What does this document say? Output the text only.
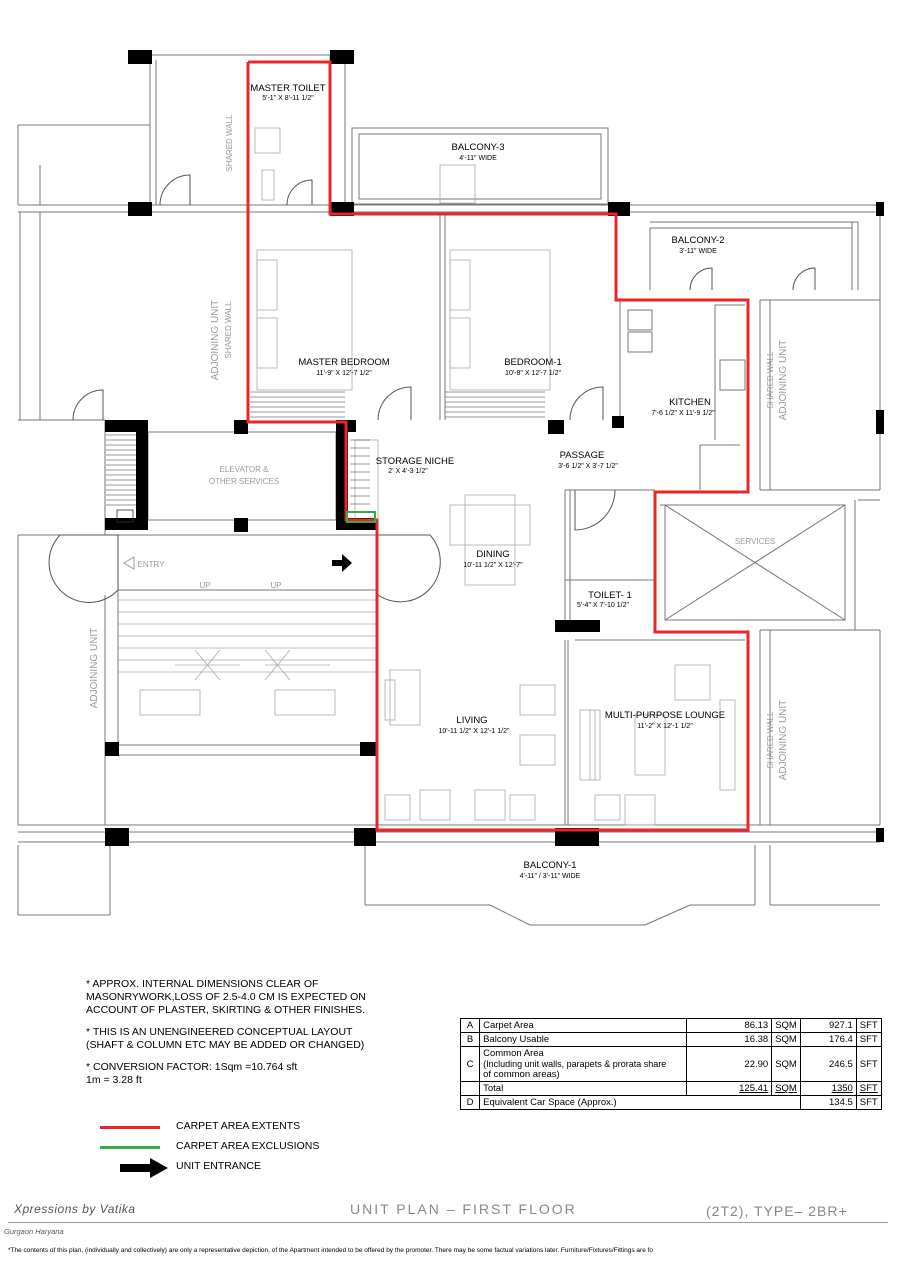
MASTER TOILET
5'-1" X 8'-11 1/2"
BALCONY-3
4'-11" WIDE
BALCONY-2
3'-11" WIDE
MASTER BEDROOM
11'-9" X 12'-7 1/2"
BEDROOM-1
10'-8" X 12'-7 1/2"
KITCHEN
7'-6 1/2" X 11'-9 1/2"
STORAGE NICHE
2' X 4'-3 1/2"
PASSAGE
3'-6 1/2" X 3'-7 1/2"
DINING
10'-11 1/2" X 12'-7"
TOILET- 1
5'-4" X 7'-10 1/2"
LIVING
10'-11 1/2" X 12'-1 1/2"
MULTI-PURPOSE LOUNGE
11'-2" X 12'-1 1/2"
BALCONY-1
4'-11" / 3'-11" WIDE
SHARED WALL
ADJOINING UNIT SHARED WALL
SHARED WALL ADJOINING UNIT
SHARED WALL ADJOINING UNIT
ADJOINING UNIT
ELEVATOR &
OTHER SERVICES
ENTRY
UP	UP
SERVICES

* APPROX. INTERNAL DIMENSIONS CLEAR OF
MASONRYWORK,LOSS OF 2.5-4.0 CM IS EXPECTED ON
ACCOUNT OF PLASTER, SKIRTING & OTHER FINISHES.

* THIS IS AN UNENGINEERED CONCEPTUAL LAYOUT
(SHAFT & COLUMN ETC MAY BE ADDED OR CHANGED)

* CONVERSION FACTOR: 1Sqm =10.764 sft
1m = 3.28 ft

CARPET AREA EXTENTS
CARPET AREA EXCLUSIONS
UNIT ENTRANCE
A	Carpet Area	86.13	SQM	927.1	SFT
B	Balcony Usable	16.38	SQM	176.4	SFT
C	Common Area
(Including unit walls, parapets & prorata share
of common areas)	22.90	SQM	246.5	SFT
	Total	125.41	SQM	1350	SFT
D	Equivalent Car Space (Approx.)			134.5	SFT
Xpressions by Vatika	UNIT PLAN – FIRST FLOOR	(2T2), TYPE– 2BR+
Gurgaon Haryana
*The contents of this plan, (individually and collectively) are only a representative depiction, of the Apartment intended to be offered by the promoter. There may be some factual variations later. Furniture/Fixtures/Fittings are fo
